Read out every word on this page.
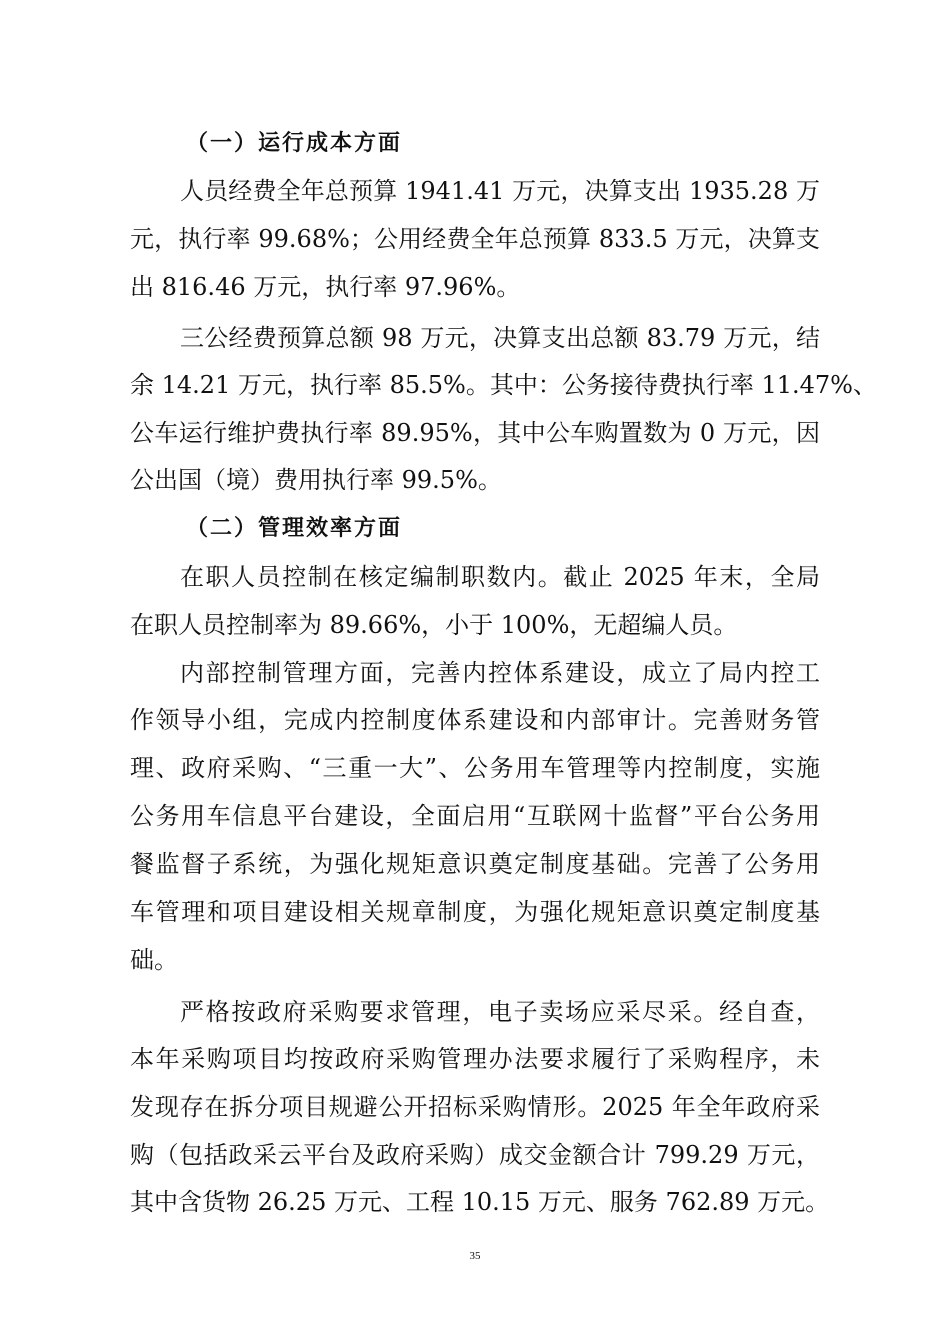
（一）运行成本方面
人员经费全年总预算 1941.41 万元，决算支出 1935.28 万
元，执行率 99.68%；公用经费全年总预算 833.5 万元，决算支
出 816.46 万元，执行率 97.96%。
三公经费预算总额 98 万元，决算支出总额 83.79 万元，结
余 14.21 万元，执行率 85.5%。其中：公务接待费执行率 11.47%、
公车运行维护费执行率 89.95%，其中公车购置数为 0 万元，因
公出国（境）费用执行率 99.5%。
（二）管理效率方面
在职人员控制在核定编制职数内。截止 2025 年末，全局
在职人员控制率为 89.66%，小于 100%，无超编人员。
内部控制管理方面，完善内控体系建设，成立了局内控工
作领导小组，完成内控制度体系建设和内部审计。完善财务管
理、政府采购、“三重一大”、公务用车管理等内控制度，实施
公务用车信息平台建设，全面启用“互联网十监督”平台公务用
餐监督子系统，为强化规矩意识奠定制度基础。完善了公务用
车管理和项目建设相关规章制度，为强化规矩意识奠定制度基
础。
严格按政府采购要求管理，电子卖场应采尽采。经自查，
本年采购项目均按政府采购管理办法要求履行了采购程序，未
发现存在拆分项目规避公开招标采购情形。2025 年全年政府采
购（包括政采云平台及政府采购）成交金额合计 799.29 万元，
其中含货物 26.25 万元、工程 10.15 万元、服务 762.89 万元。
35
